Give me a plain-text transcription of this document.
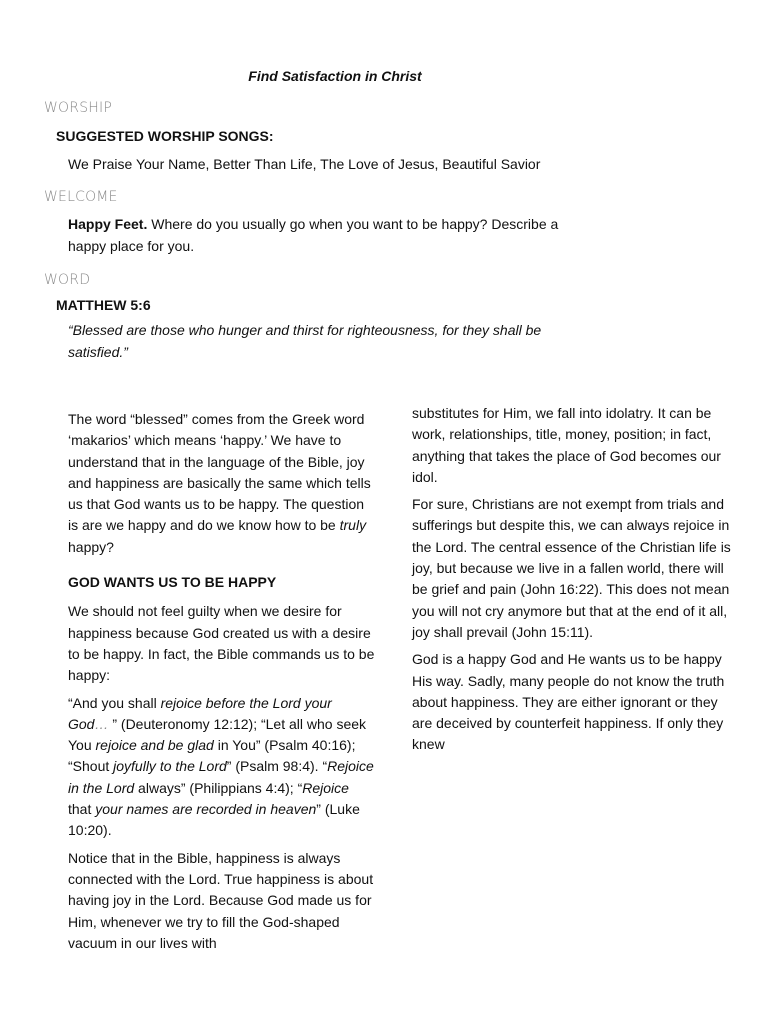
Find Satisfaction in Christ
WORSHIP
SUGGESTED WORSHIP SONGS:
We Praise Your Name, Better Than Life, The Love of Jesus, Beautiful Savior
WELCOME
Happy Feet. Where do you usually go when you want to be happy? Describe a happy place for you.
WORD
MATTHEW 5:6
“Blessed are those who hunger and thirst for righteousness, for they shall be satisfied.”

The word “blessed” comes from the Greek word ‘makarios’ which means ‘happy.’ We have to understand that in the language of the Bible, joy and happiness are basically the same which tells us that God wants us to be happy. The question is are we happy and do we know how to be truly happy?

GOD WANTS US TO BE HAPPY

We should not feel guilty when we desire for happiness because God created us with a desire to be happy. In fact, the Bible commands us to be happy:

“And you shall rejoice before the Lord your God… ” (Deuteronomy 12:12); “Let all who seek You rejoice and be glad in You” (Psalm 40:16); “Shout joyfully to the Lord” (Psalm 98:4). “Rejoice in the Lord always” (Philippians 4:4); “Rejoice that your names are recorded in heaven” (Luke 10:20).

Notice that in the Bible, happiness is always connected with the Lord. True happiness is about having joy in the Lord. Because God made us for Him, whenever we try to fill the God-shaped vacuum in our lives with

substitutes for Him, we fall into idolatry. It can be work, relationships, title, money, position; in fact, anything that takes the place of God becomes our idol.

For sure, Christians are not exempt from trials and sufferings but despite this, we can always rejoice in the Lord. The central essence of the Christian life is joy, but because we live in a fallen world, there will be grief and pain (John 16:22). This does not mean you will not cry anymore but that at the end of it all, joy shall prevail (John 15:11).

God is a happy God and He wants us to be happy His way. Sadly, many people do not know the truth about happiness. They are either ignorant or they are deceived by counterfeit happiness. If only they knew
